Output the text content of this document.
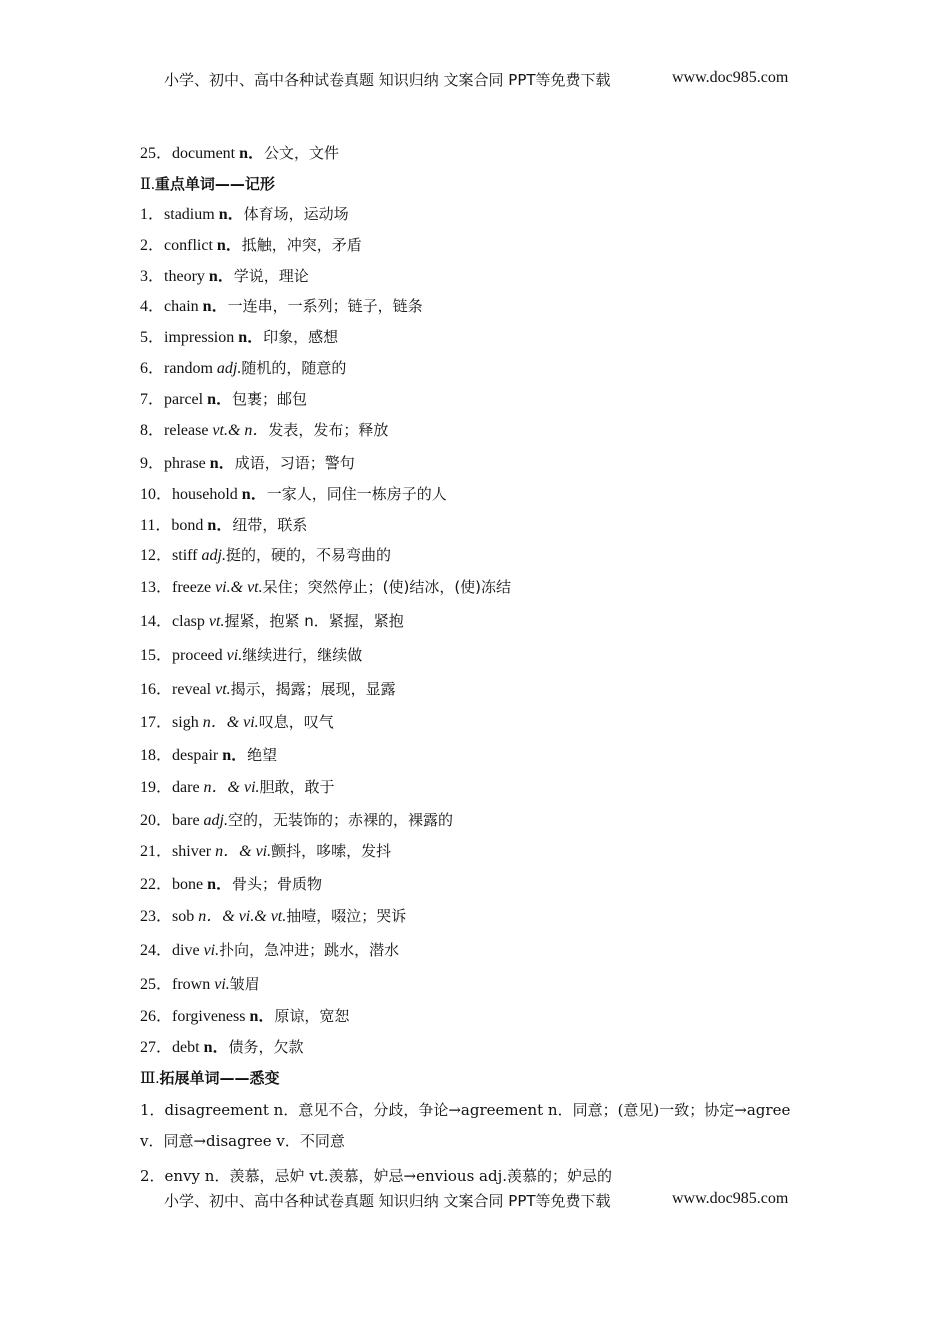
小学、初中、高中各种试卷真题 知识归纳 文案合同 PPT等免费下载	www.doc985.com
25．document n．公文，文件
Ⅱ.重点单词——记形
1．stadium n．体育场，运动场
2．conflict n．抵触，冲突，矛盾
3．theory n．学说，理论
4．chain n．一连串，一系列；链子，链条
5．impression n．印象，感想
6．random adj.随机的，随意的
7．parcel n．包裹；邮包
8．release vt.& n．发表，发布；释放
9．phrase n．成语，习语；警句
10．household n．一家人，同住一栋房子的人
11．bond n．纽带，联系
12．stiff adj.挺的，硬的，不易弯曲的
13．freeze vi.& vt.呆住；突然停止；(使)结冰，(使)冻结
14．clasp vt.握紧，抱紧 n．紧握，紧抱
15．proceed vi.继续进行，继续做
16．reveal vt.揭示，揭露；展现，显露
17．sigh n．& vi.叹息，叹气
18．despair n．绝望
19．dare n．& vi.胆敢，敢于
20．bare adj.空的，无装饰的；赤裸的，裸露的
21．shiver n．& vi.颤抖，哆嗦，发抖
22．bone n．骨头；骨质物
23．sob n．& vi.& vt.抽噎，啜泣；哭诉
24．dive vi.扑向，急冲进；跳水，潜水
25．frown vi.皱眉
26．forgiveness n．原谅，宽恕
27．debt n．债务，欠款
Ⅲ.拓展单词——悉变
1．disagreement n．意见不合，分歧，争论→agreement n．同意；(意见)一致；协定→agree
v．同意→disagree v．不同意
2．envy n．羡慕，忌妒 vt.羡慕，妒忌→envious adj.羡慕的；妒忌的
小学、初中、高中各种试卷真题 知识归纳 文案合同 PPT等免费下载	www.doc985.com
